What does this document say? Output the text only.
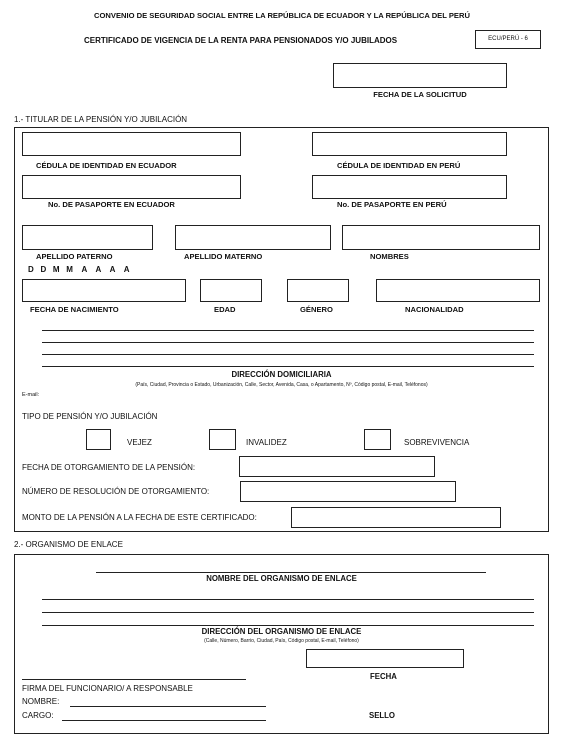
CONVENIO DE SEGURIDAD SOCIAL ENTRE LA REPÚBLICA DE ECUADOR Y LA REPÚBLICA DEL PERÚ
CERTIFICADO DE VIGENCIA DE LA RENTA PARA PENSIONADOS Y/O JUBILADOS	ECU/PERÚ - 6
FECHA DE LA SOLICITUD
1.- TITULAR DE LA PENSIÓN Y/O JUBILACIÓN
CÉDULA DE IDENTIDAD EN ECUADOR	CÉDULA DE IDENTIDAD EN PERÚ
No. DE PASAPORTE EN ECUADOR	No. DE PASAPORTE EN PERÚ
APELLIDO PATERNO	APELLIDO MATERNO	NOMBRES
D   D   M   M    A    A    A    A
FECHA DE NACIMIENTO	EDAD	GÉNERO	NACIONALIDAD
DIRECCIÓN DOMICILIARIA
(País, Ciudad, Provincia o Estado, Urbanización, Calle, Sector, Avenida, Casa, o Apartamento, Nº, Código postal, E-mail, Teléfonos)
E-mail:
TIPO DE PENSIÓN Y/O JUBILACIÓN
VEJEZ	INVALIDEZ	SOBREVIVENCIA
FECHA DE OTORGAMIENTO DE LA PENSIÓN:
NÚMERO DE RESOLUCIÓN DE OTORGAMIENTO:
MONTO DE LA PENSIÓN A LA FECHA DE ESTE CERTIFICADO:
2.- ORGANISMO DE ENLACE
NOMBRE DEL ORGANISMO DE ENLACE
DIRECCIÓN DEL ORGANISMO DE ENLACE
(Calle, Número, Barrio, Ciudad, País, Código postal, E-mail, Teléfono)
FECHA
FIRMA DEL FUNCIONARIO/ A RESPONSABLE
NOMBRE:
CARGO:	SELLO
